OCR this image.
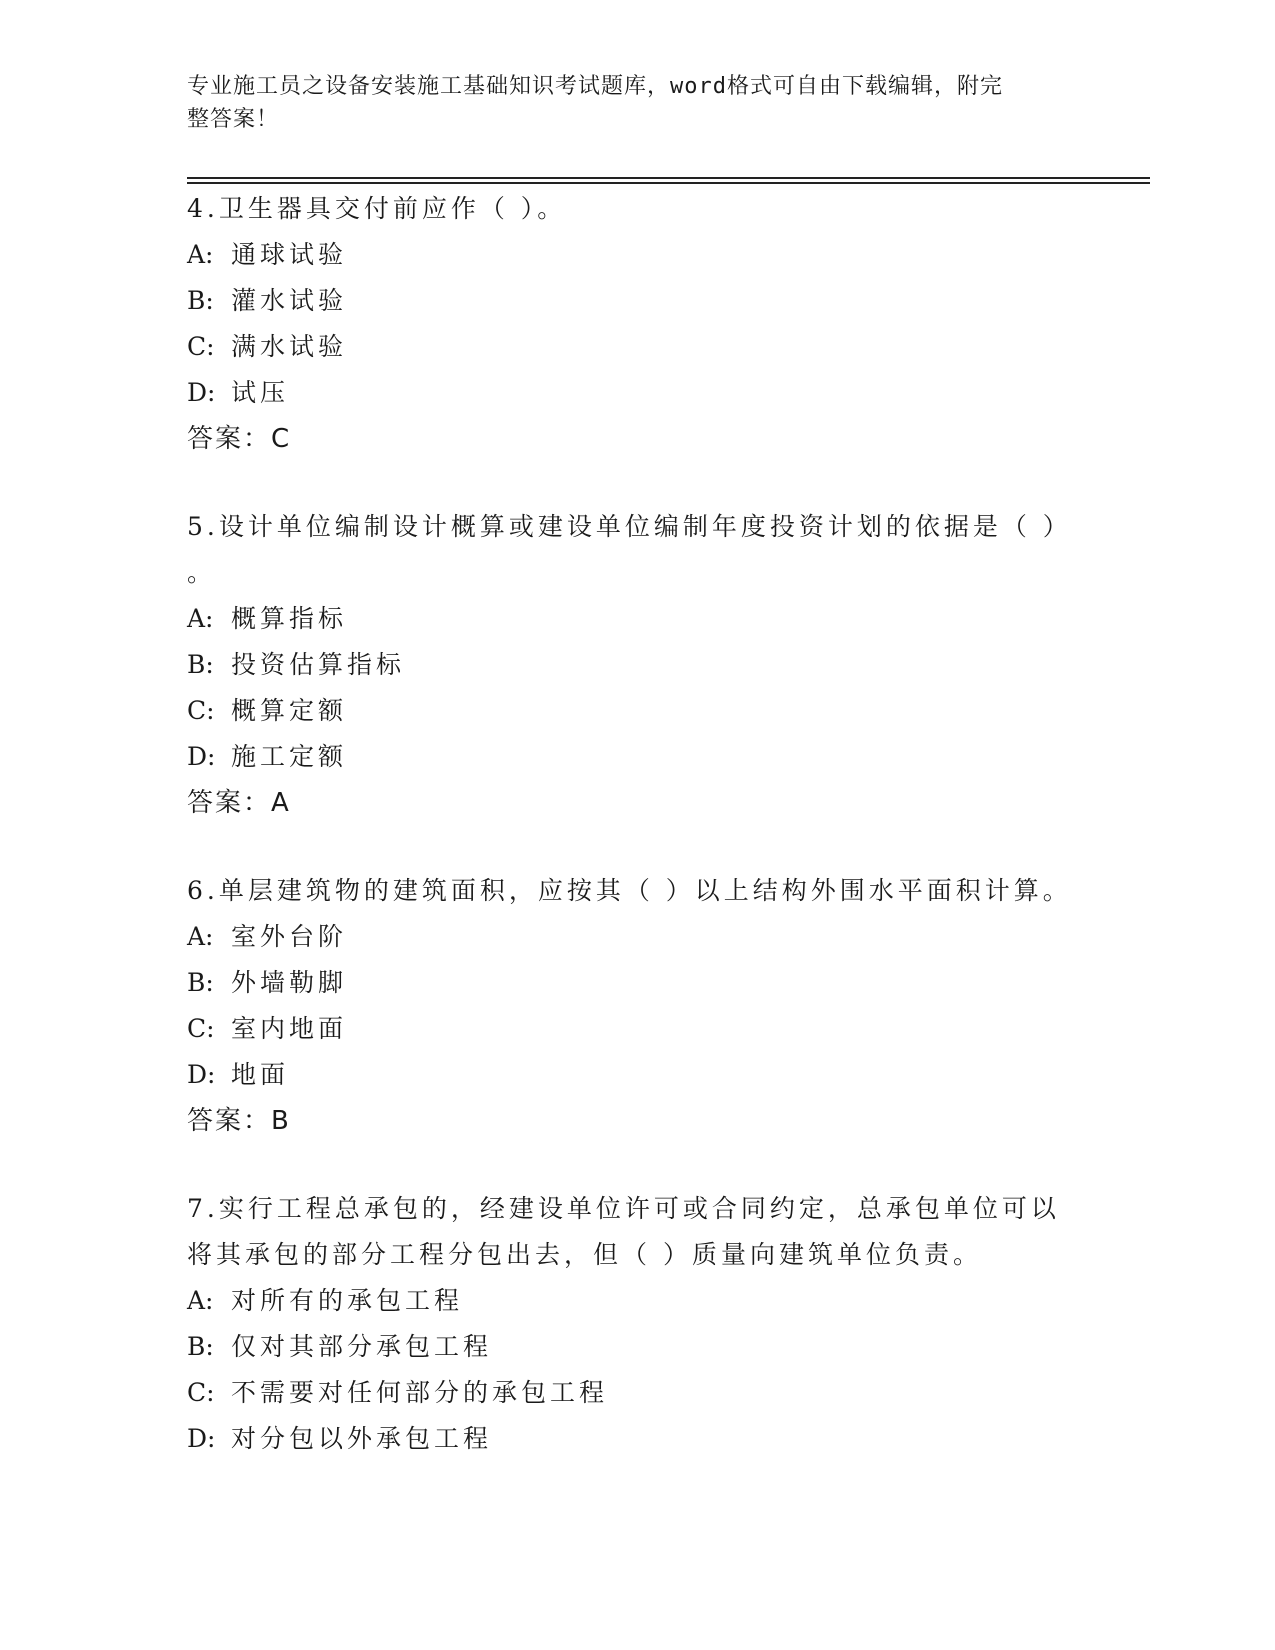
专业施工员之设备安装施工基础知识考试题库，word格式可自由下载编辑，附完
整答案！
4.卫生器具交付前应作（ ）。
A: 通球试验
B: 灌水试验
C: 满水试验
D: 试压
答案：C
5.设计单位编制设计概算或建设单位编制年度投资计划的依据是（ ）
。
A: 概算指标
B: 投资估算指标
C: 概算定额
D: 施工定额
答案：A
6.单层建筑物的建筑面积，应按其（ ）以上结构外围水平面积计算。
A: 室外台阶
B: 外墙勒脚
C: 室内地面
D: 地面
答案：B
7.实行工程总承包的，经建设单位许可或合同约定，总承包单位可以
将其承包的部分工程分包出去，但（ ）质量向建筑单位负责。
A: 对所有的承包工程
B: 仅对其部分承包工程
C: 不需要对任何部分的承包工程
D: 对分包以外承包工程
